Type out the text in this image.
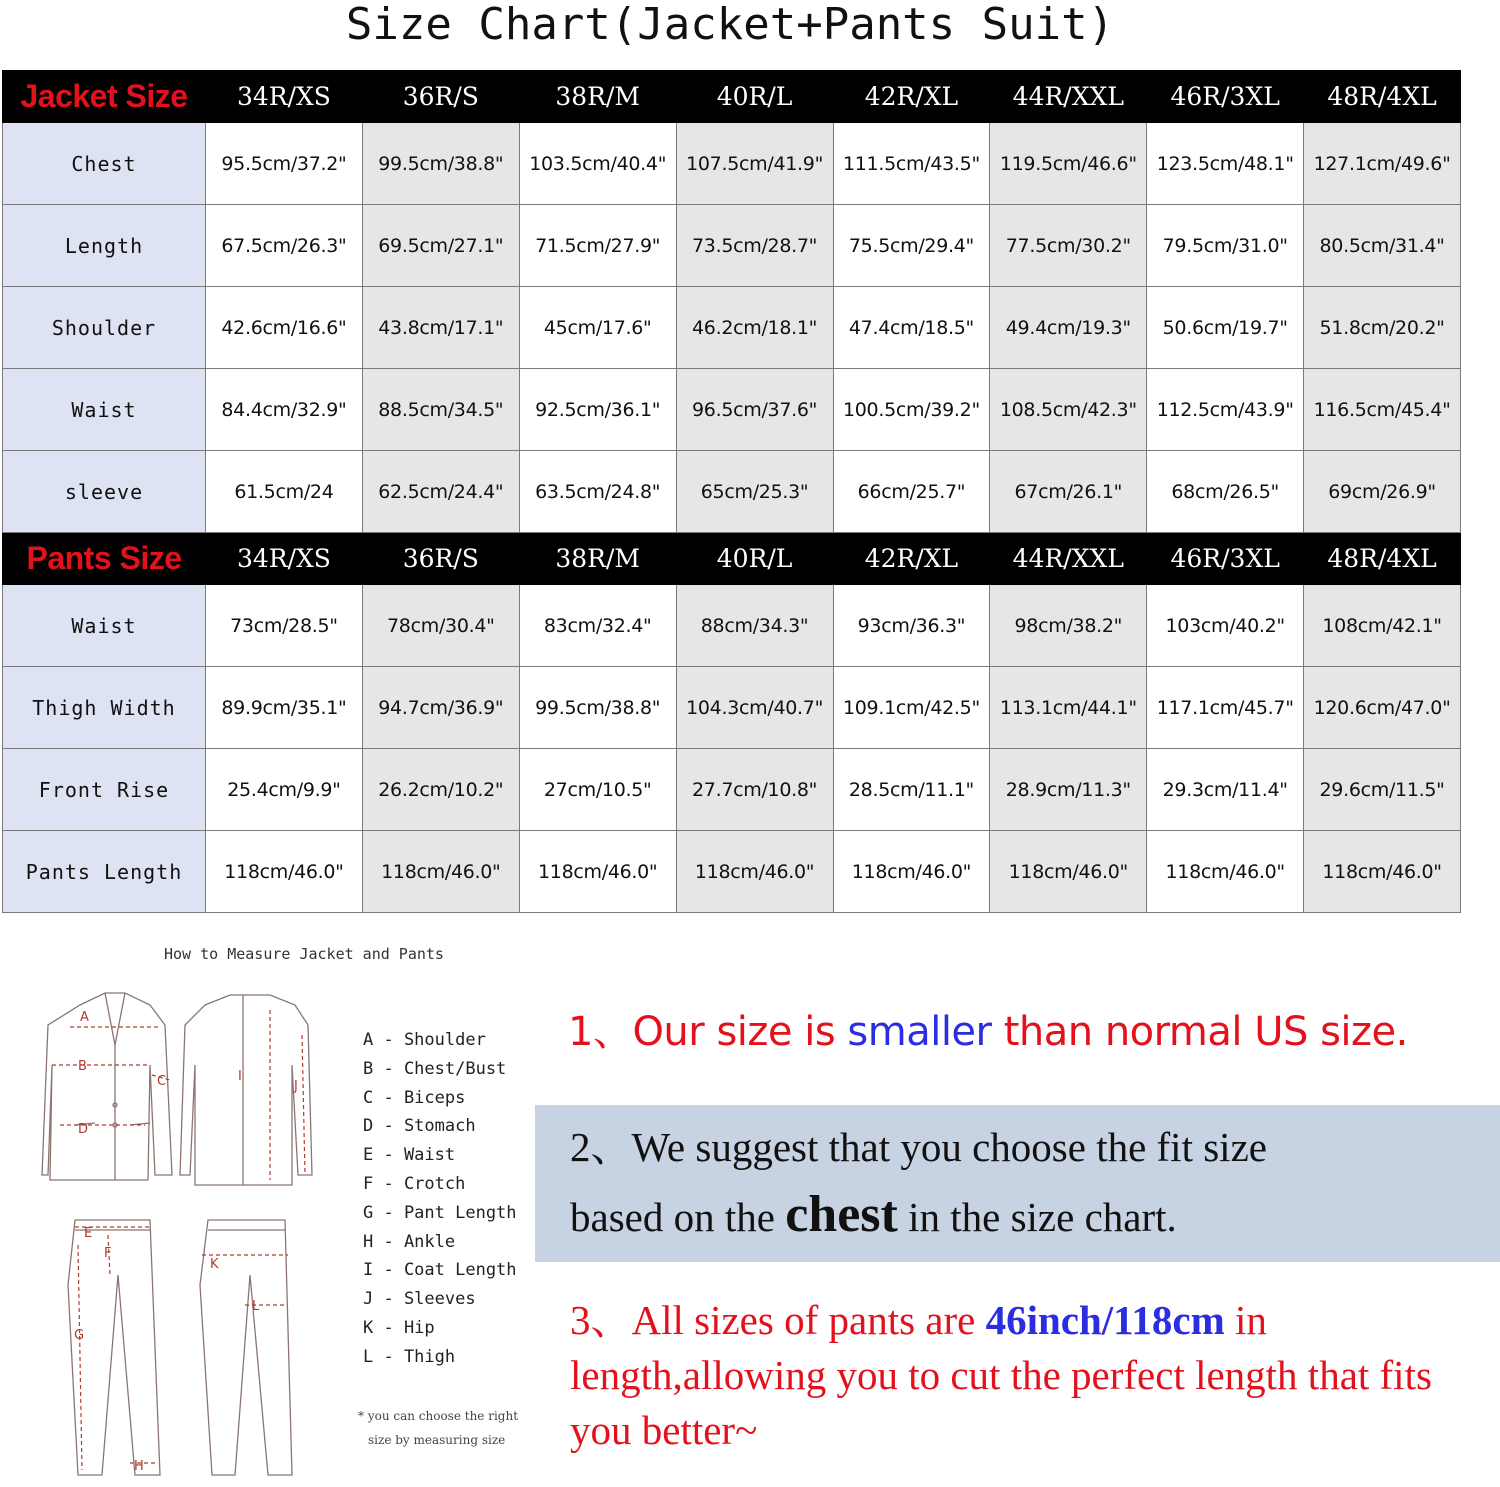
Size Chart(Jacket+Pants Suit)
Jacket Size	34R/XS	36R/S	38R/M	40R/L	42R/XL	44R/XXL	46R/3XL	48R/4XL
Chest	95.5cm/37.2"	99.5cm/38.8"	103.5cm/40.4"	107.5cm/41.9"	111.5cm/43.5"	119.5cm/46.6"	123.5cm/48.1"	127.1cm/49.6"
Length	67.5cm/26.3"	69.5cm/27.1"	71.5cm/27.9"	73.5cm/28.7"	75.5cm/29.4"	77.5cm/30.2"	79.5cm/31.0"	80.5cm/31.4"
Shoulder	42.6cm/16.6"	43.8cm/17.1"	45cm/17.6"	46.2cm/18.1"	47.4cm/18.5"	49.4cm/19.3"	50.6cm/19.7"	51.8cm/20.2"
Waist	84.4cm/32.9"	88.5cm/34.5"	92.5cm/36.1"	96.5cm/37.6"	100.5cm/39.2"	108.5cm/42.3"	112.5cm/43.9"	116.5cm/45.4"
sleeve	61.5cm/24	62.5cm/24.4"	63.5cm/24.8"	65cm/25.3"	66cm/25.7"	67cm/26.1"	68cm/26.5"	69cm/26.9"
Pants Size	34R/XS	36R/S	38R/M	40R/L	42R/XL	44R/XXL	46R/3XL	48R/4XL
Waist	73cm/28.5"	78cm/30.4"	83cm/32.4"	88cm/34.3"	93cm/36.3"	98cm/38.2"	103cm/40.2"	108cm/42.1"
Thigh Width	89.9cm/35.1"	94.7cm/36.9"	99.5cm/38.8"	104.3cm/40.7"	109.1cm/42.5"	113.1cm/44.1"	117.1cm/45.7"	120.6cm/47.0"
Front Rise	25.4cm/9.9"	26.2cm/10.2"	27cm/10.5"	27.7cm/10.8"	28.5cm/11.1"	28.9cm/11.3"	29.3cm/11.4"	29.6cm/11.5"
Pants Length	118cm/46.0"	118cm/46.0"	118cm/46.0"	118cm/46.0"	118cm/46.0"	118cm/46.0"	118cm/46.0"	118cm/46.0"
How to Measure Jacket and Pants
A
B
C
D
E
F
G
H
I
J
K
L
A - Shoulder
B - Chest/Bust
C - Biceps
D - Stomach
E - Waist
F - Crotch
G - Pant Length
H - Ankle
I - Coat Length
J - Sleeves
K - Hip
L - Thigh
* you can choose the right
size by measuring size
1、Our size is smaller than normal US size.
2、We suggest that you choose the fit size
based on the chest in the size chart.
3、All sizes of pants are 46inch/118cm in length,allowing you to cut the perfect length that fits you better~
